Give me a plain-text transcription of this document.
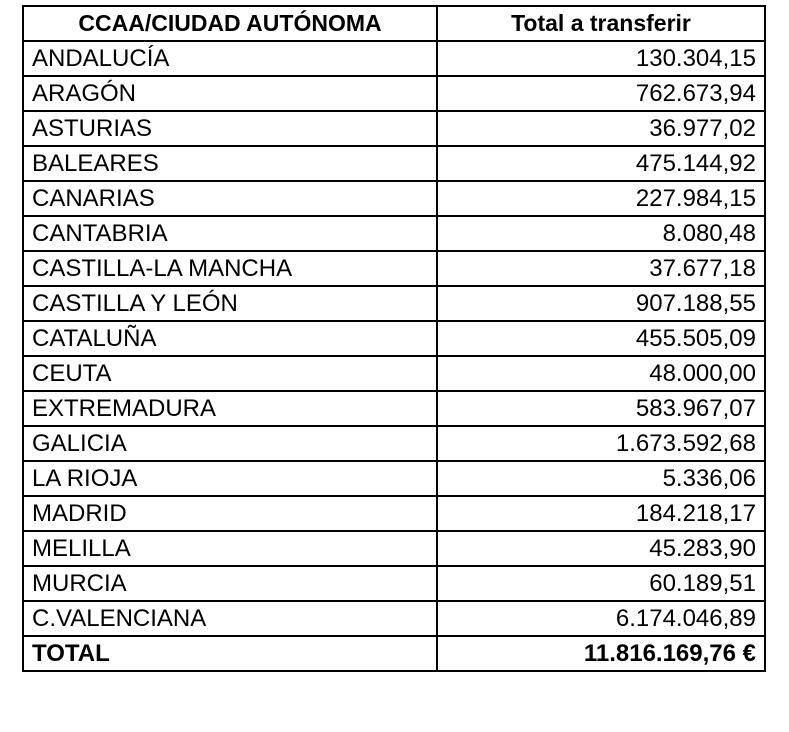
CCAA/CIUDAD AUTÓNOMA	Total a transferir
ANDALUCÍA	130.304,15
ARAGÓN	762.673,94
ASTURIAS	36.977,02
BALEARES	475.144,92
CANARIAS	227.984,15
CANTABRIA	8.080,48
CASTILLA-LA MANCHA	37.677,18
CASTILLA Y LEÓN	907.188,55
CATALUÑA	455.505,09
CEUTA	48.000,00
EXTREMADURA	583.967,07
GALICIA	1.673.592,68
LA RIOJA	5.336,06
MADRID	184.218,17
MELILLA	45.283,90
MURCIA	60.189,51
C.VALENCIANA	6.174.046,89
TOTAL	11.816.169,76 €
